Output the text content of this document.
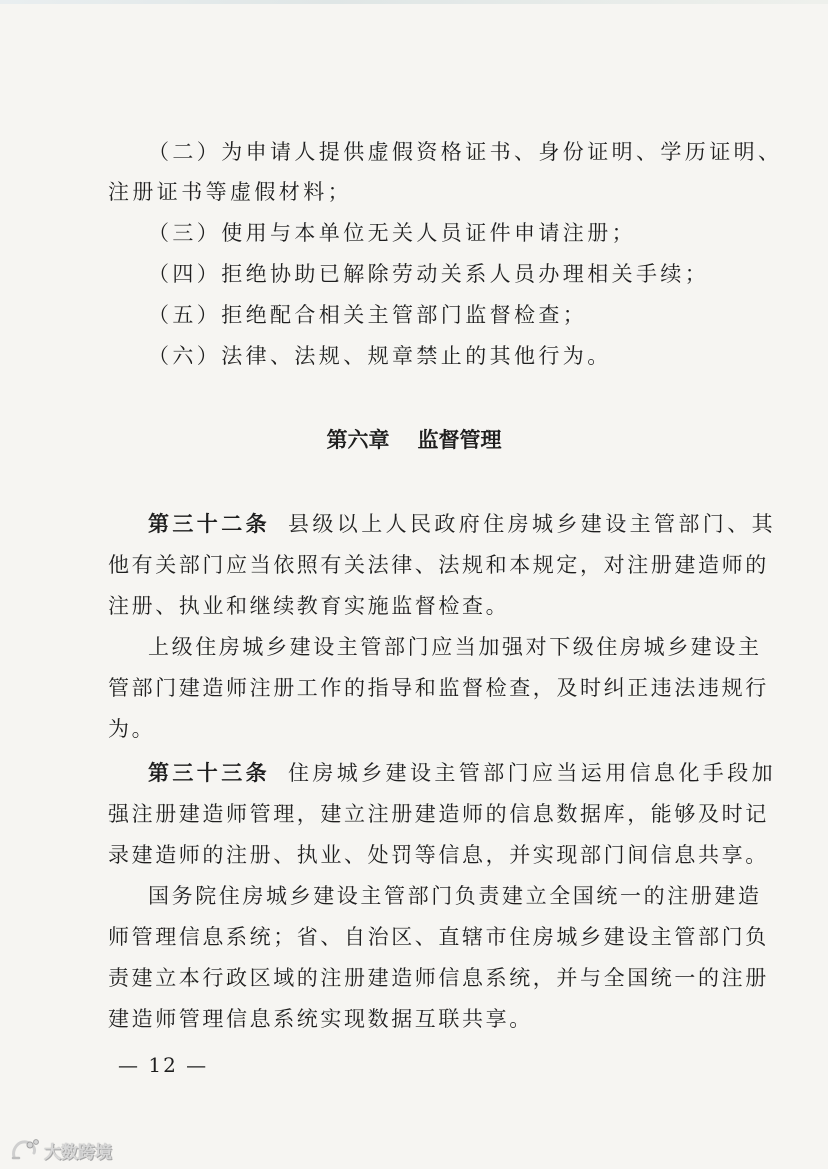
（二）为申请人提供虚假资格证书、身份证明、学历证明、
注册证书等虚假材料；
（三）使用与本单位无关人员证件申请注册；
（四）拒绝协助已解除劳动关系人员办理相关手续；
（五）拒绝配合相关主管部门监督检查；
（六）法律、法规、规章禁止的其他行为。
第六章 监督管理
第三十二条 县级以上人民政府住房城乡建设主管部门、其
他有关部门应当依照有关法律、法规和本规定，对注册建造师的
注册、执业和继续教育实施监督检查。
上级住房城乡建设主管部门应当加强对下级住房城乡建设主
管部门建造师注册工作的指导和监督检查，及时纠正违法违规行
为。
第三十三条 住房城乡建设主管部门应当运用信息化手段加
强注册建造师管理，建立注册建造师的信息数据库，能够及时记
录建造师的注册、执业、处罚等信息，并实现部门间信息共享。
国务院住房城乡建设主管部门负责建立全国统一的注册建造
师管理信息系统；省、自治区、直辖市住房城乡建设主管部门负
责建立本行政区域的注册建造师信息系统，并与全国统一的注册
建造师管理信息系统实现数据互联共享。
— 12 —
大数跨境
